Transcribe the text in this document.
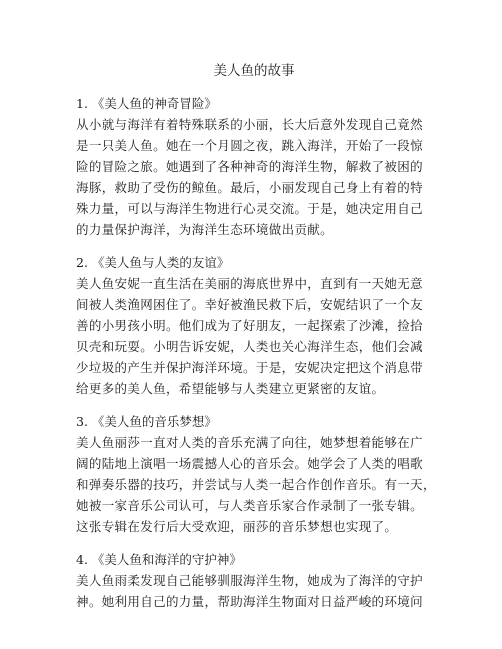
美人鱼的故事

1. 《美人鱼的神奇冒险》

从小就与海洋有着特殊联系的小丽，长大后意外发现自己竟然
是一只美人鱼。她在一个月圆之夜，跳入海洋，开始了一段惊
险的冒险之旅。她遇到了各种神奇的海洋生物，解救了被困的
海豚，救助了受伤的鲸鱼。最后，小丽发现自己身上有着的特
殊力量，可以与海洋生物进行心灵交流。于是，她决定用自己
的力量保护海洋，为海洋生态环境做出贡献。

2. 《美人鱼与人类的友谊》

美人鱼安妮一直生活在美丽的海底世界中，直到有一天她无意
间被人类渔网困住了。幸好被渔民救下后，安妮结识了一个友
善的小男孩小明。他们成为了好朋友，一起探索了沙滩，捡拾
贝壳和玩耍。小明告诉安妮，人类也关心海洋生态，他们会减
少垃圾的产生并保护海洋环境。于是，安妮决定把这个消息带
给更多的美人鱼，希望能够与人类建立更紧密的友谊。

3. 《美人鱼的音乐梦想》

美人鱼丽莎一直对人类的音乐充满了向往，她梦想着能够在广
阔的陆地上演唱一场震撼人心的音乐会。她学会了人类的唱歌
和弹奏乐器的技巧，并尝试与人类一起合作创作音乐。有一天，
她被一家音乐公司认可，与人类音乐家合作录制了一张专辑。
这张专辑在发行后大受欢迎，丽莎的音乐梦想也实现了。

4. 《美人鱼和海洋的守护神》

美人鱼雨柔发现自己能够驯服海洋生物，她成为了海洋的守护
神。她利用自己的力量，帮助海洋生物面对日益严峻的环境问
